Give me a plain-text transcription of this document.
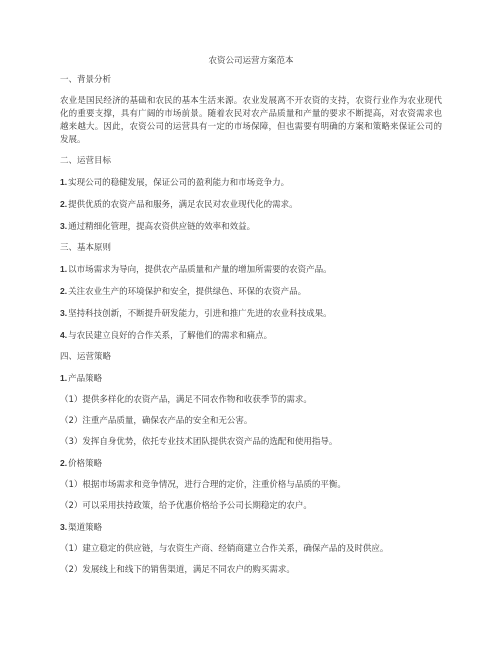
农资公司运营方案范本
一、背景分析
农业是国民经济的基础和农民的基本生活来源。农业发展离不开农资的支持，农资行业作为农业现代化的重要支撑，具有广阔的市场前景。随着农民对农产品质量和产量的要求不断提高，对农资需求也越来越大。因此，农资公司的运营具有一定的市场保障，但也需要有明确的方案和策略来保证公司的发展。
二、运营目标
1.实现公司的稳健发展，保证公司的盈利能力和市场竞争力。
2.提供优质的农资产品和服务，满足农民对农业现代化的需求。
3.通过精细化管理，提高农资供应链的效率和效益。
三、基本原则
1.以市场需求为导向，提供农产品质量和产量的增加所需要的农资产品。
2.关注农业生产的环境保护和安全，提供绿色、环保的农资产品。
3.坚持科技创新，不断提升研发能力，引进和推广先进的农业科技成果。
4.与农民建立良好的合作关系，了解他们的需求和痛点。
四、运营策略
1.产品策略
（1）提供多样化的农资产品，满足不同农作物和收获季节的需求。
（2）注重产品质量，确保农产品的安全和无公害。
（3）发挥自身优势，依托专业技术团队提供农资产品的选配和使用指导。
2.价格策略
（1）根据市场需求和竞争情况，进行合理的定价，注重价格与品质的平衡。
（2）可以采用扶持政策，给予优惠价格给予公司长期稳定的农户。
3.渠道策略
（1）建立稳定的供应链，与农资生产商、经销商建立合作关系，确保产品的及时供应。
（2）发展线上和线下的销售渠道，满足不同农户的购买需求。
